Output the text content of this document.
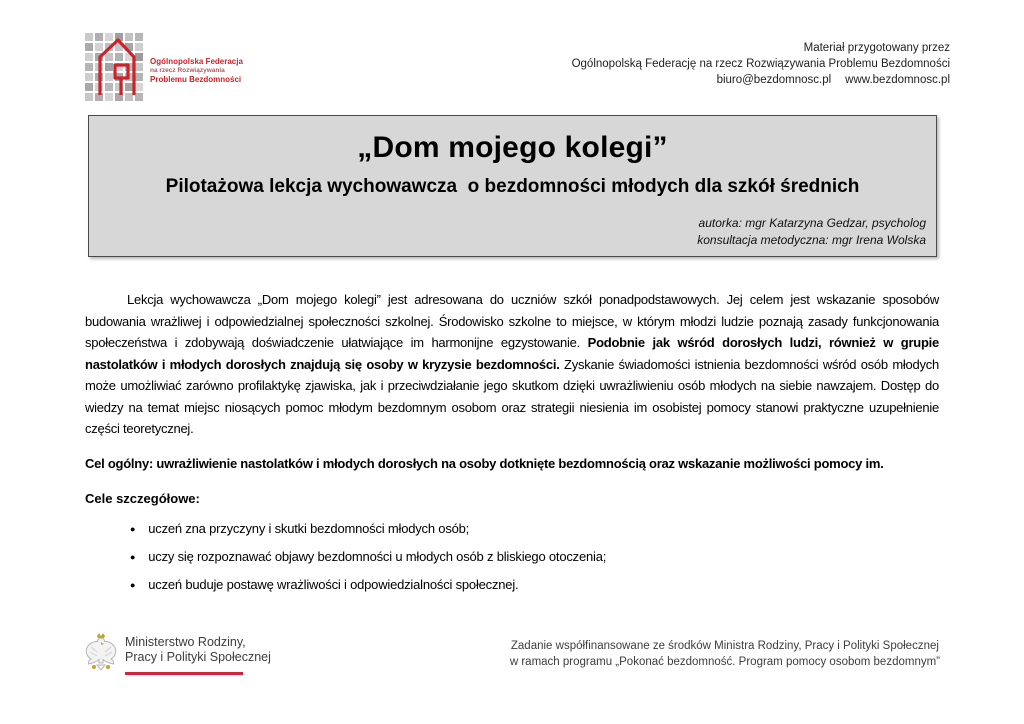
Ogólnopolska Federacja
na rzecz Rozwiązywania
Problemu Bezdomności
Materiał przygotowany przez
Ogólnopolską Federację na rzecz Rozwiązywania Problemu Bezdomności
biuro@bezdomnosc.pl www.bezdomnosc.pl
„Dom mojego kolegi”
Pilotażowa lekcja wychowawcza  o bezdomności młodych dla szkół średnich
autorka: mgr Katarzyna Gedzar, psycholog
konsultacja metodyczna: mgr Irena Wolska

Lekcja wychowawcza „Dom mojego kolegi” jest adresowana do uczniów szkół ponadpodstawowych. Jej celem jest wskazanie sposobów budowania wrażliwej i odpowiedzialnej społeczności szkolnej. Środowisko szkolne to miejsce, w którym młodzi ludzie poznają zasady funkcjonowania społeczeństwa i zdobywają doświadczenie ułatwiające im harmonijne egzystowanie. Podobnie jak wśród dorosłych ludzi, również w grupie nastolatków i młodych dorosłych znajdują się osoby w kryzysie bezdomności. Zyskanie świadomości istnienia bezdomności wśród osób młodych może umożliwiać zarówno profilaktykę zjawiska, jak i przeciwdziałanie jego skutkom dzięki uwrażliwieniu osób młodych na siebie nawzajem. Dostęp do wiedzy na temat miejsc niosących pomoc młodym bezdomnym osobom oraz strategii niesienia im osobistej pomocy stanowi praktyczne uzupełnienie części teoretycznej.

Cel ogólny: uwrażliwienie nastolatków i młodych dorosłych na osoby dotknięte bezdomnością oraz wskazanie możliwości pomocy im.

Cele szczegółowe:

● uczeń zna przyczyny i skutki bezdomności młodych osób;
● uczy się rozpoznawać objawy bezdomności u młodych osób z bliskiego otoczenia;
● uczeń buduje postawę wrażliwości i odpowiedzialności społecznej.
Ministerstwo Rodziny,
Pracy i Polityki Społecznej
Zadanie współfinansowane ze środków Ministra Rodziny, Pracy i Polityki Społecznej
w ramach programu „Pokonać bezdomność. Program pomocy osobom bezdomnym”
